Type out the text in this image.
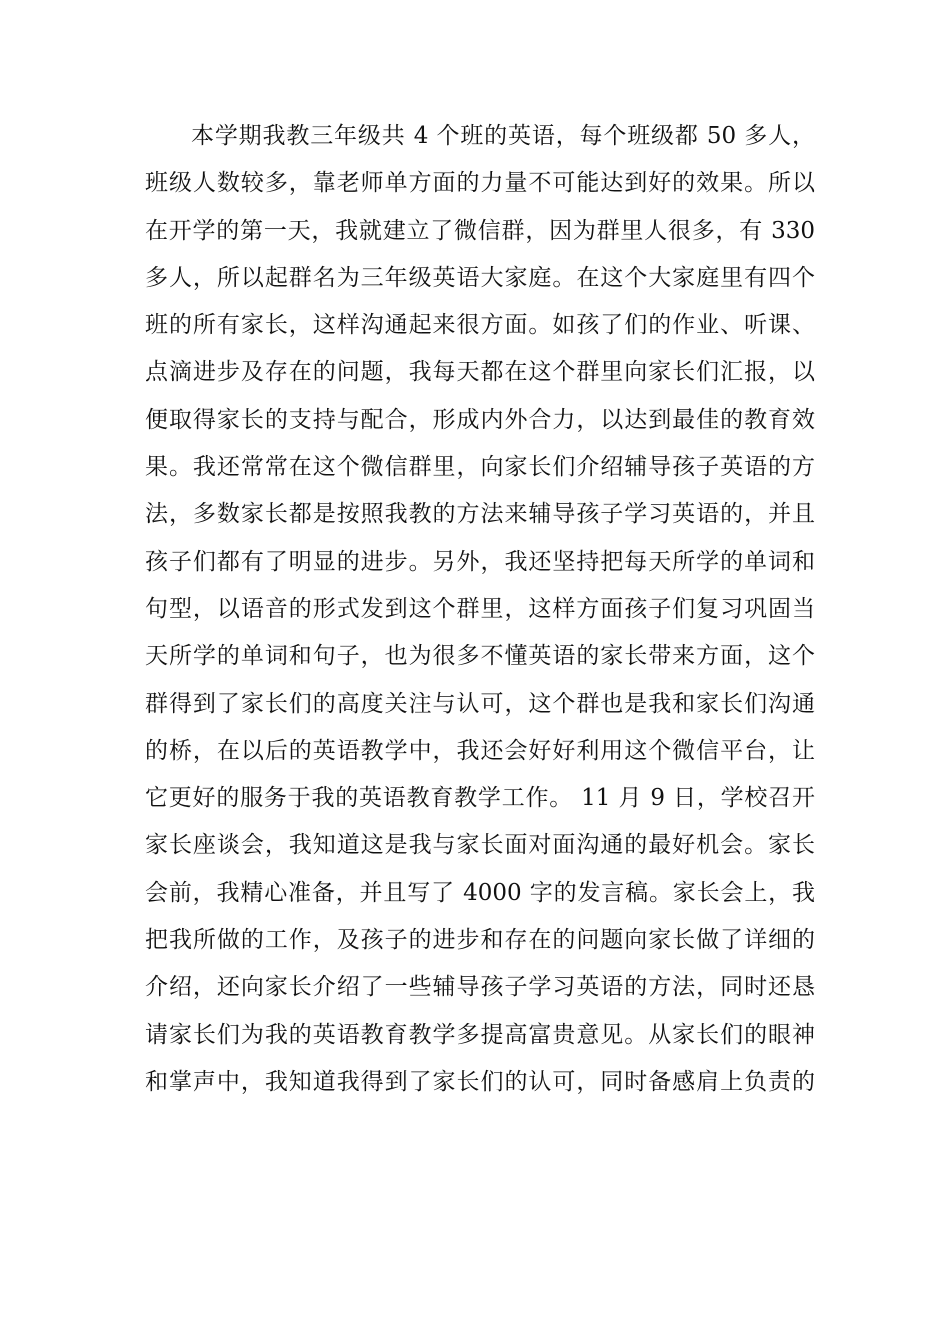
本学期我教三年级共 4 个班的英语，每个班级都 50 多人，
班级人数较多，靠老师单方面的力量不可能达到好的效果。所以
在开学的第一天，我就建立了微信群，因为群里人很多，有 330
多人，所以起群名为三年级英语大家庭。在这个大家庭里有四个
班的所有家长，这样沟通起来很方面。如孩了们的作业、听课、
点滴进步及存在的问题，我每天都在这个群里向家长们汇报，以
便取得家长的支持与配合，形成内外合力，以达到最佳的教育效
果。我还常常在这个微信群里，向家长们介绍辅导孩子英语的方
法，多数家长都是按照我教的方法来辅导孩子学习英语的，并且
孩子们都有了明显的进步。另外，我还坚持把每天所学的单词和
句型，以语音的形式发到这个群里，这样方面孩子们复习巩固当
天所学的单词和句子，也为很多不懂英语的家长带来方面，这个
群得到了家长们的高度关注与认可，这个群也是我和家长们沟通
的桥，在以后的英语教学中，我还会好好利用这个微信平台，让
它更好的服务于我的英语教育教学工作。 11 月 9 日，学校召开
家长座谈会，我知道这是我与家长面对面沟通的最好机会。家长
会前，我精心准备，并且写了 4000 字的发言稿。家长会上，我
把我所做的工作，及孩子的进步和存在的问题向家长做了详细的
介绍，还向家长介绍了一些辅导孩子学习英语的方法，同时还恳
请家长们为我的英语教育教学多提高富贵意见。从家长们的眼神
和掌声中，我知道我得到了家长们的认可，同时备感肩上负责的
